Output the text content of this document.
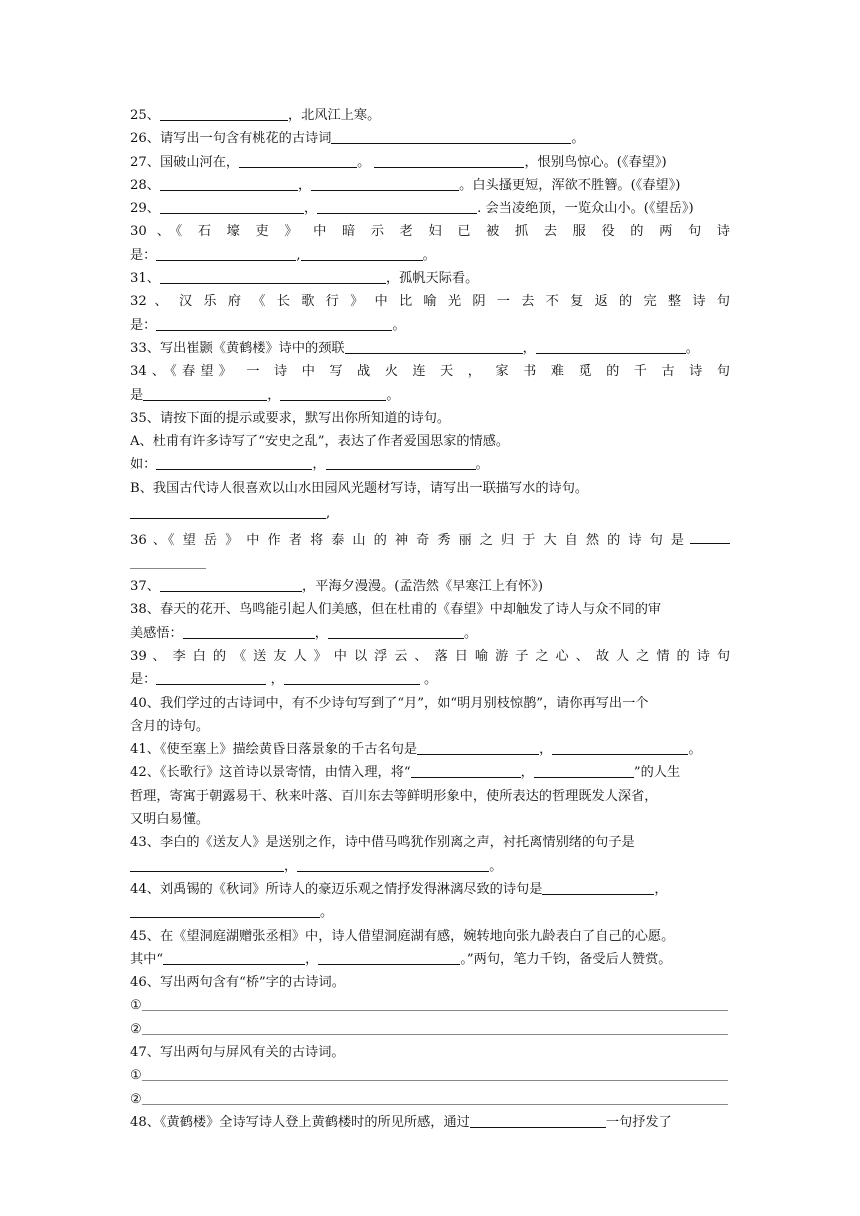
25、	，北风江上寒。
26、请写出一句含有桃花的古诗词	。
27、国破山河在，	。	，恨别鸟惊心。(《春望》)
28、	，	。白头搔更短，浑欲不胜簪。(《春望》)
29、	，	. 会当凌绝顶，一览众山小。(《望岳》)
30 、《 石 壕 吏 》 中 暗 示 老 妇 已 被 抓 去 服 役 的 两 句 诗
是：	,	。
31、	，孤帆天际看。
32 、 汉 乐 府 《 长 歌 行 》 中 比 喻 光 阴 一 去 不 复 返 的 完 整 诗 句
是：	。
33、写出崔颢《黄鹤楼》诗中的颈联	，	。
34、《春望》 一 诗 中 写 战 火 连 天 ， 家 书 难 觅 的 千 古 诗 句
是	，	。
35、请按下面的提示或要求，默写出你所知道的诗句。
A、杜甫有许多诗写了“安史之乱”，表达了作者爱国思家的情感。
如：	，	。
B、我国古代诗人很喜欢以山水田园风光题材写诗，请写出一联描写水的诗句。
,
36 、《 望 岳 》 中 作 者 将 泰 山 的 神 奇 秀 丽 之 归 于 大 自 然 的 诗 句 是
37、	，平海夕漫漫。(孟浩然《早寒江上有怀》)
38、春天的花开、鸟鸣能引起人们美感，但在杜甫的《春望》中却触发了诗人与众不同的审
美感悟：	，	。
39 、 李 白 的 《 送 友 人 》 中 以 浮 云 、 落 日 喻 游 子 之 心 、 故 人 之 情 的 诗 句
是：	，	。
40、我们学过的古诗词中，有不少诗句写到了“月”，如“明月别枝惊鹊”，请你再写出一个
含月的诗句。
41、《使至塞上》描绘黄昏日落景象的千古名句是	，	。
42、《长歌行》这首诗以景寄情，由情入理，将“	，	”的人生
哲理，寄寓于朝露易干、秋来叶落、百川东去等鲜明形象中，使所表达的哲理既发人深省，
又明白易懂。
43、李白的《送友人》是送别之作，诗中借马鸣犹作别离之声，衬托离情别绪的句子是
，	。
44、刘禹锡的《秋词》所诗人的豪迈乐观之情抒发得淋漓尽致的诗句是	，
。
45、在《望洞庭湖赠张丞相》中，诗人借望洞庭湖有感，婉转地向张九龄表白了自己的心愿。
其中“	，	。”两句，笔力千钧，备受后人赞赏。
46、写出两句含有“桥”字的古诗词。
①
②
47、写出两句与屏风有关的古诗词。
①
②
48、《黄鹤楼》全诗写诗人登上黄鹤楼时的所见所感，通过	一句抒发了
